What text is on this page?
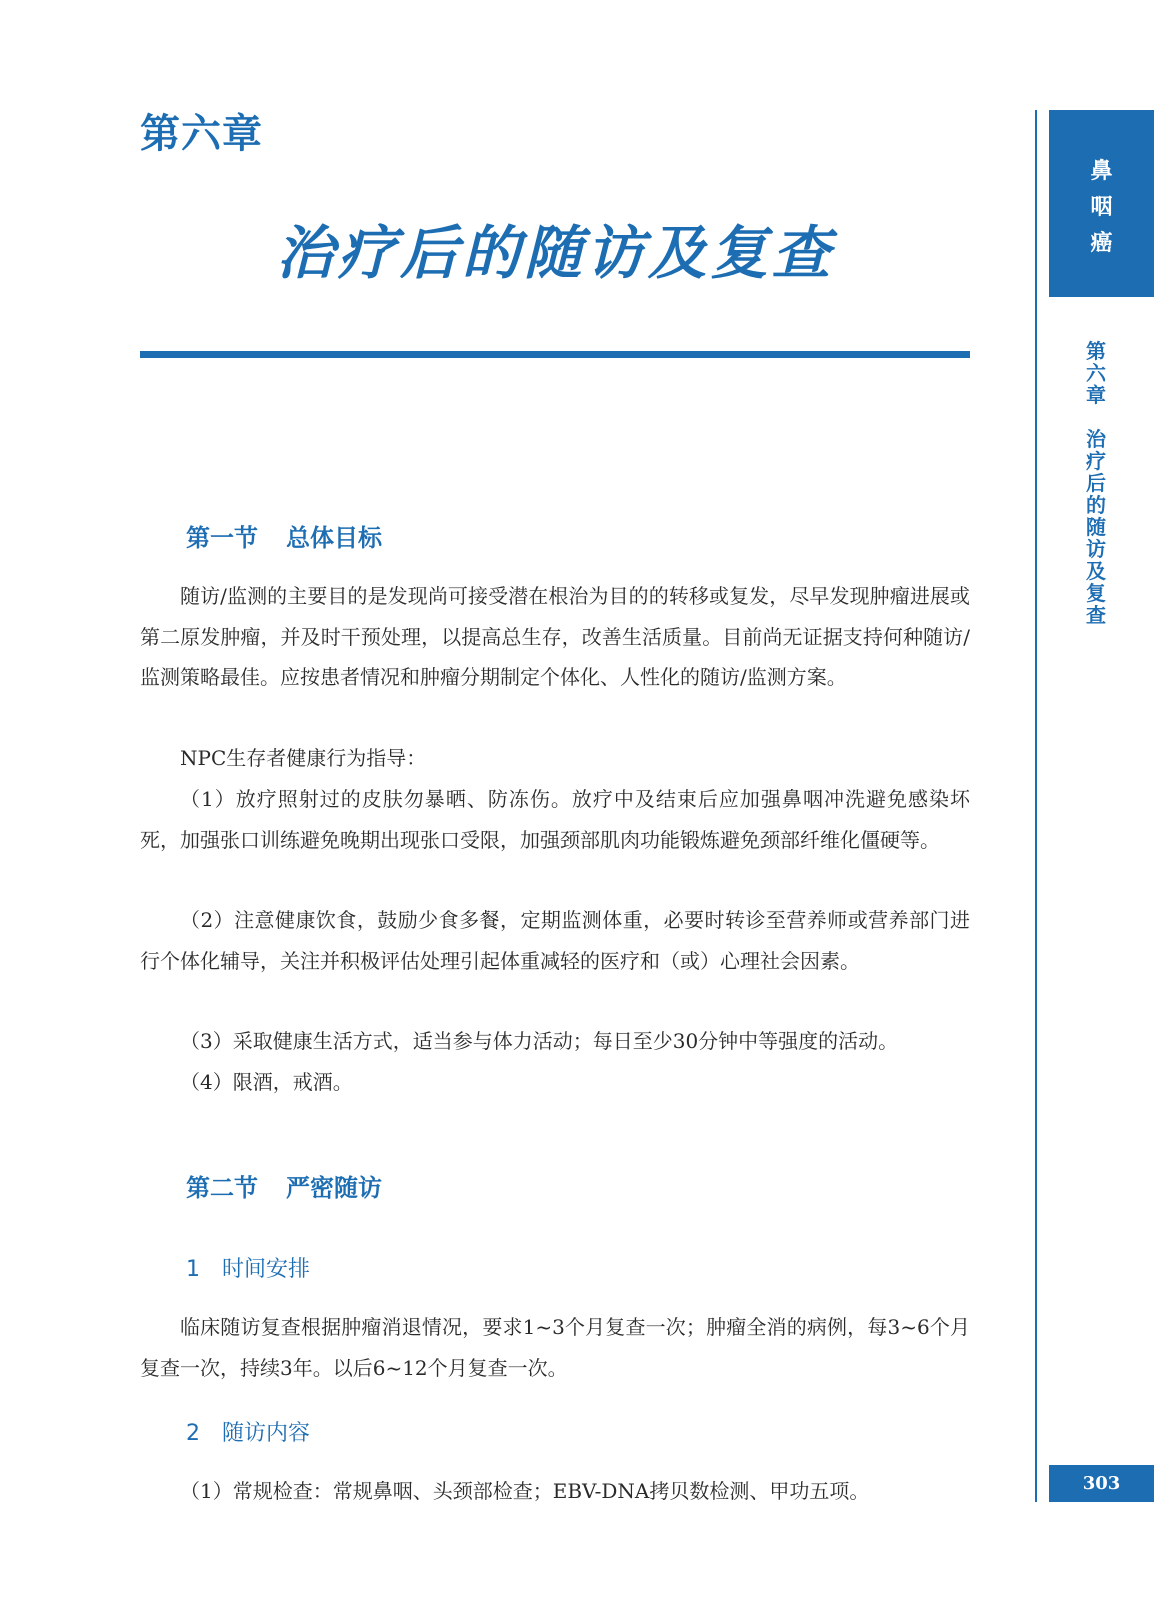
第六章
治疗后的随访及复查
鼻
咽
癌
第
六
章
治
疗
后
的
随
访
及
复
查
303
第一节 总体目标

随访/监测的主要目的是发现尚可接受潜在根治为目的的转移或复发，尽早发现肿瘤进展或第二原发肿瘤，并及时干预处理，以提高总生存，改善生活质量。目前尚无证据支持何种随访/监测策略最佳。应按患者情况和肿瘤分期制定个体化、人性化的随访/监测方案。

NPC生存者健康行为指导：

（1）放疗照射过的皮肤勿暴晒、防冻伤。放疗中及结束后应加强鼻咽冲洗避免感染坏死，加强张口训练避免晚期出现张口受限，加强颈部肌肉功能锻炼避免颈部纤维化僵硬等。

（2）注意健康饮食，鼓励少食多餐，定期监测体重，必要时转诊至营养师或营养部门进行个体化辅导，关注并积极评估处理引起体重减轻的医疗和（或）心理社会因素。

（3）采取健康生活方式，适当参与体力活动；每日至少30分钟中等强度的活动。

（4）限酒，戒酒。

第二节 严密随访
1 时间安排

临床随访复查根据肿瘤消退情况，要求1~3个月复查一次；肿瘤全消的病例，每3~6个月复查一次，持续3年。以后6~12个月复查一次。

2 随访内容

（1）常规检查：常规鼻咽、头颈部检查；EBV-DNA拷贝数检测、甲功五项。
